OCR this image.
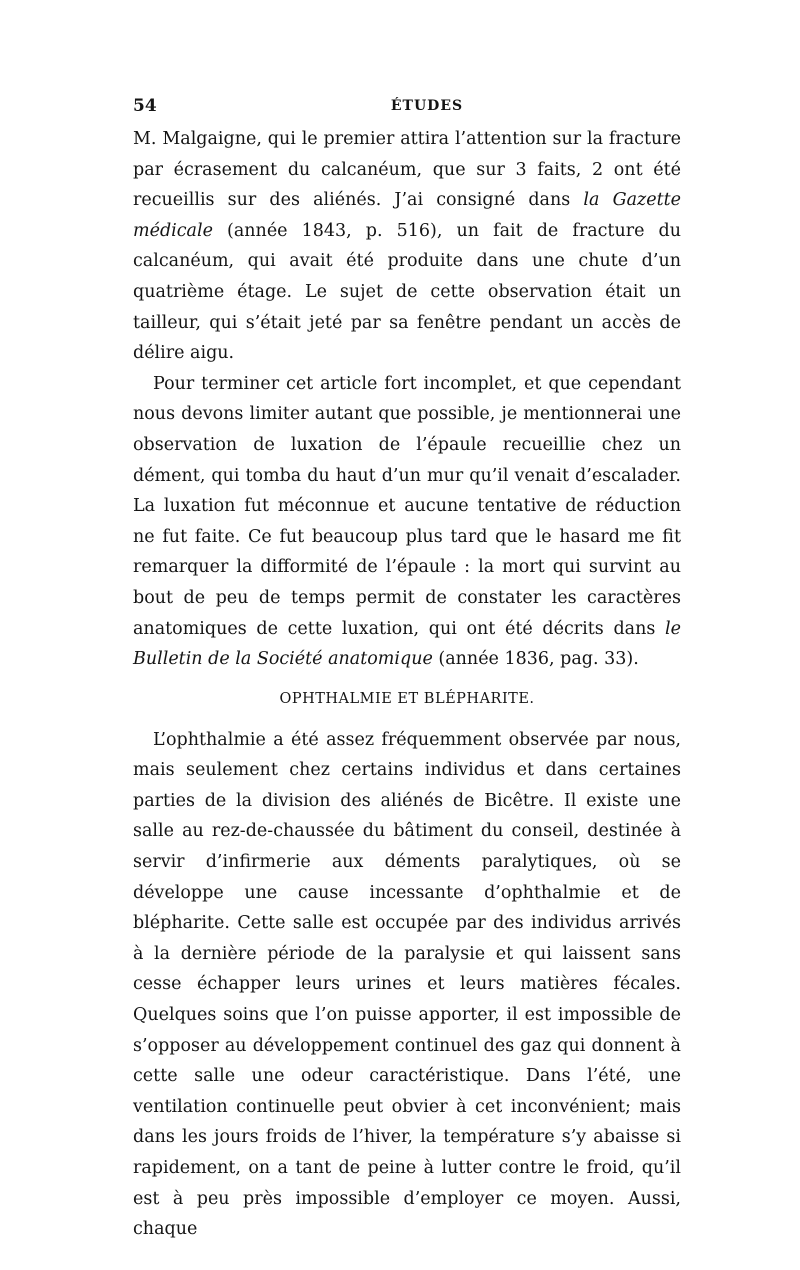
54	ÉTUDES

M. Malgaigne, qui le premier attira l’attention sur la fracture par écrasement du calcanéum, que sur 3 faits, 2 ont été recueillis sur des aliénés. J’ai consigné dans la Gazette médicale (année 1843, p. 516), un fait de fracture du calcanéum, qui avait été produite dans une chute d’un quatrième étage. Le sujet de cette observation était un tailleur, qui s’était jeté par sa fenêtre pendant un accès de délire aigu.

Pour terminer cet article fort incomplet, et que cependant nous devons limiter autant que possible, je mentionnerai une observation de luxation de l’épaule recueillie chez un dément, qui tomba du haut d’un mur qu’il venait d’escalader. La luxation fut méconnue et aucune tentative de réduction ne fut faite. Ce fut beaucoup plus tard que le hasard me fit remarquer la difformité de l’épaule : la mort qui survint au bout de peu de temps permit de constater les caractères anatomiques de cette luxation, qui ont été décrits dans le Bulletin de la Société anatomique (année 1836, pag. 33).

OPHTHALMIE ET BLÉPHARITE.

L’ophthalmie a été assez fréquemment observée par nous, mais seulement chez certains individus et dans certaines parties de la division des aliénés de Bicêtre. Il existe une salle au rez-de-chaussée du bâtiment du conseil, destinée à servir d’infirmerie aux déments paralytiques, où se développe une cause incessante d’ophthalmie et de blépharite. Cette salle est occupée par des individus arrivés à la dernière période de la paralysie et qui laissent sans cesse échapper leurs urines et leurs matières fécales. Quelques soins que l’on puisse apporter, il est impossible de s’opposer au développement continuel des gaz qui donnent à cette salle une odeur caractéristique. Dans l’été, une ventilation continuelle peut obvier à cet inconvénient; mais dans les jours froids de l’hiver, la température s’y abaisse si rapidement, on a tant de peine à lutter contre le froid, qu’il est à peu près impossible d’employer ce moyen. Aussi, chaque
